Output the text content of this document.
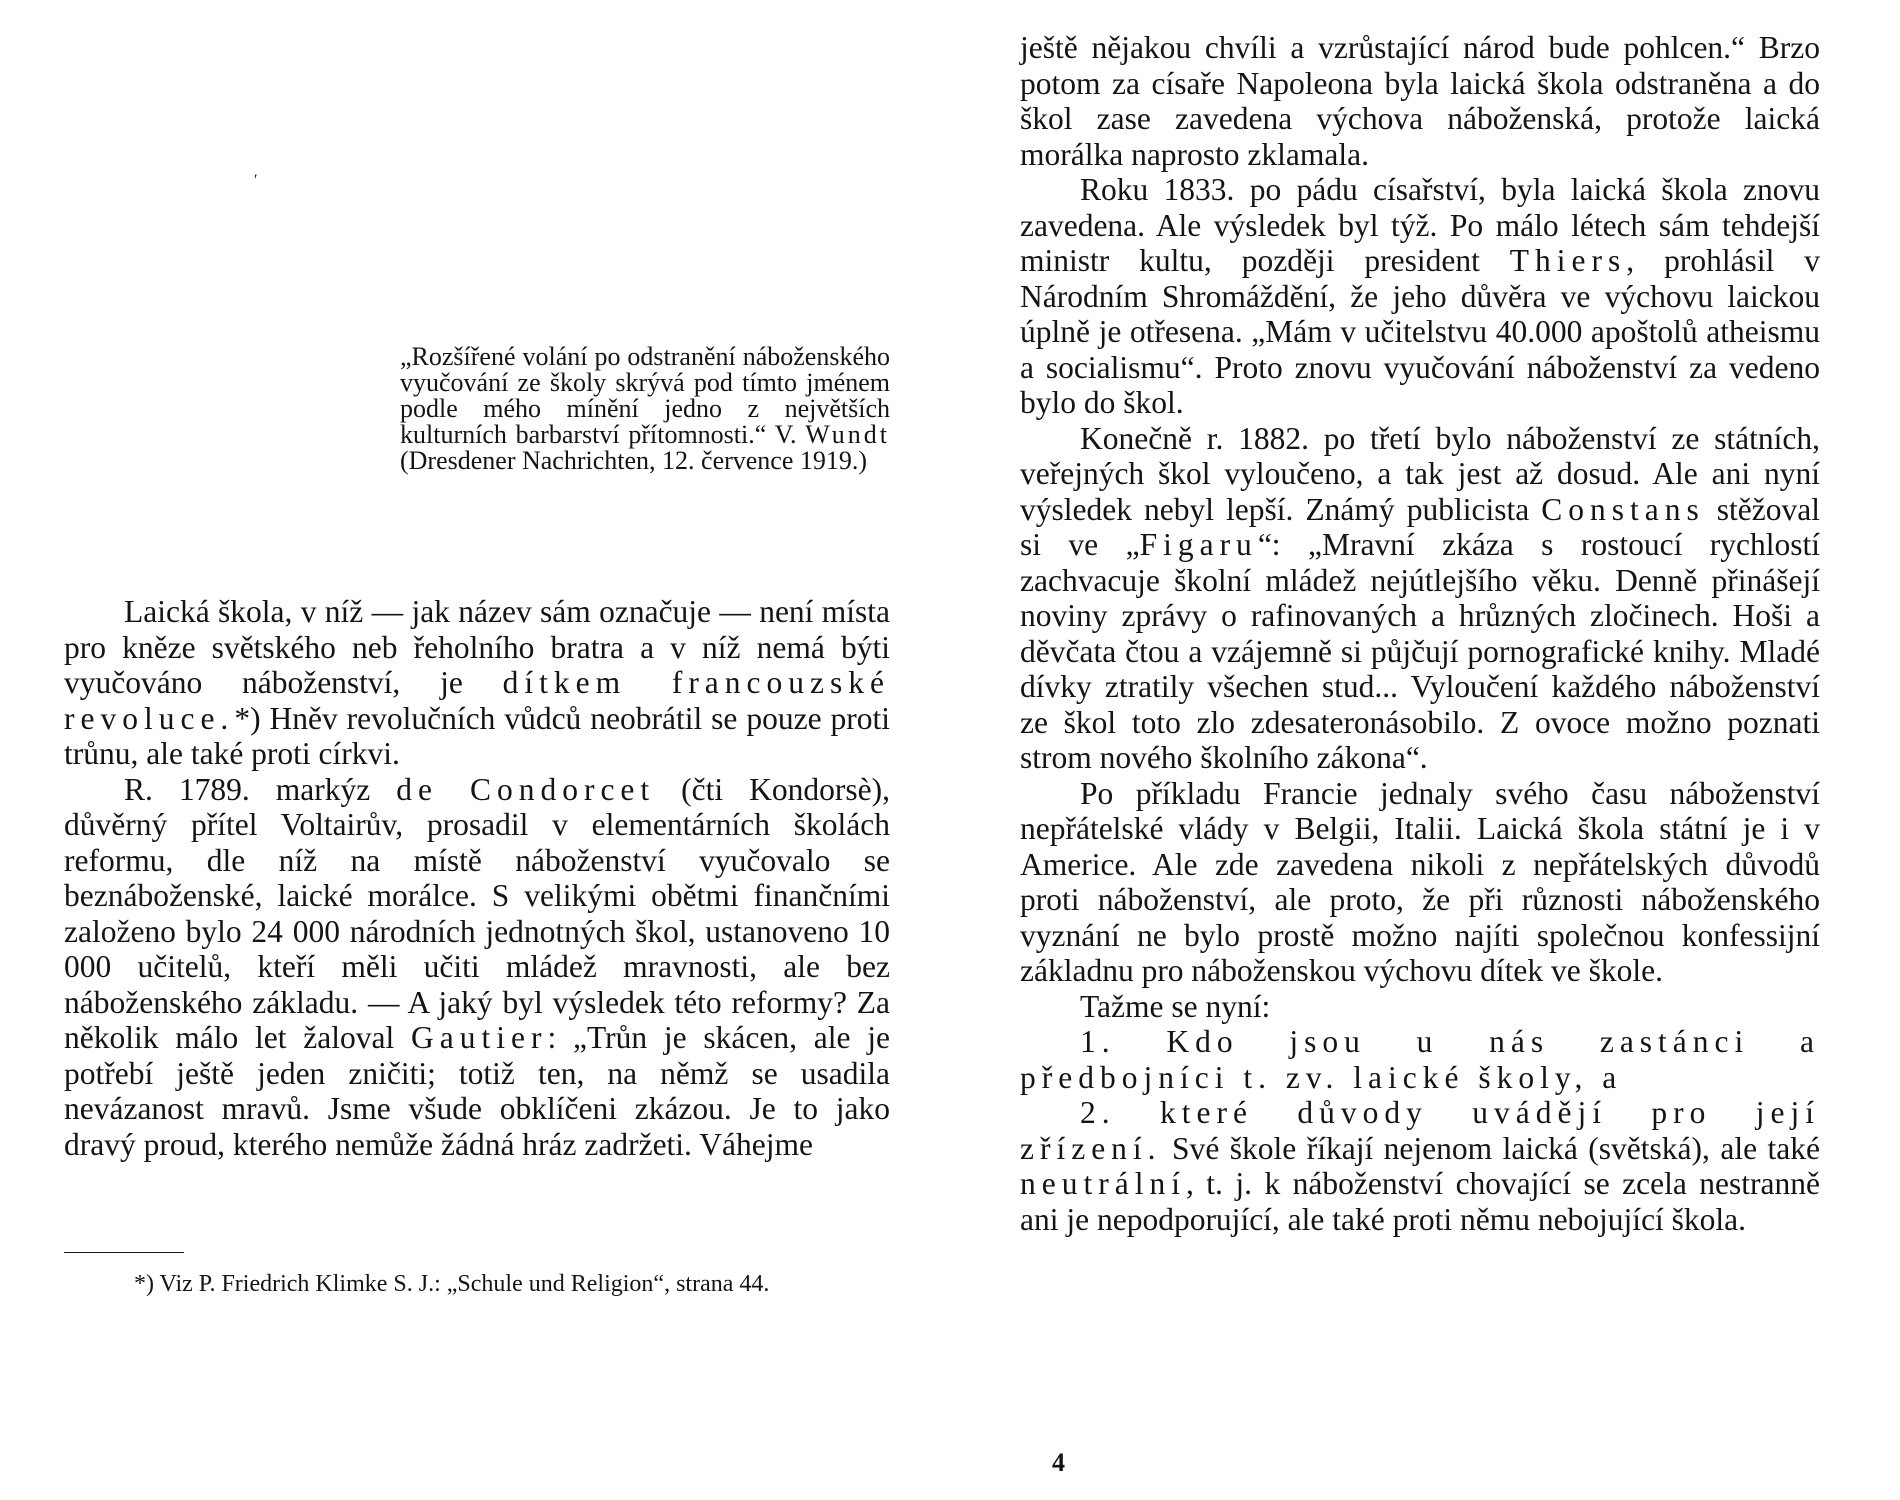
′

„Rozšířené volání po odstranění náboženského vyučování ze školy skrývá pod tímto jménem podle mého mínění jedno z největších kulturních barbarství přítomnosti.“ V. Wundt (Dresdener Nachrichten, 12. července 1919.)

Laická škola, v níž — jak název sám označuje — není místa pro kněze světského neb řeholního bratra a v níž nemá býti vyučováno náboženství, je dítkem francouzské revoluce.*) Hněv revolučních vůdců neobrátil se pouze proti trůnu, ale také proti církvi.

R. 1789. markýz de Condorcet (čti Kondorsè), důvěrný přítel Voltairův, prosadil v elementárních školách reformu, dle níž na místě náboženství vyučovalo se beznáboženské, laické morálce. S velikými obětmi finančními založeno bylo 24 000 národních jednotných škol, ustanoveno 10 000 učitelů, kteří měli učiti mládež mravnosti, ale bez náboženského základu. — A jaký byl výsledek této reformy? Za několik málo let žaloval Gautier: „Trůn je skácen, ale je potřebí ještě jeden zničiti; totiž ten, na němž se usadila nevázanost mravů. Jsme všude obklíčeni zkázou. Je to jako dravý proud, kterého nemůže žádná hráz zadržeti. Váhejme

*) Viz P. Friedrich Klimke S. J.: „Schule und Religion“, strana 44.

ještě nějakou chvíli a vzrůstající národ bude pohlcen.“ Brzo potom za císaře Napoleona byla laická škola odstraněna a do škol zase zavedena výchova náboženská, protože laická morálka naprosto zklamala.

Roku 1833. po pádu císařství, byla laická škola znovu zavedena. Ale výsledek byl týž. Po málo létech sám tehdejší ministr kultu, později president Thiers, prohlásil v Národním Shromáždění, že jeho důvěra ve výchovu laickou úplně je otřesena. „Mám v učitelstvu 40.000 apoštolů atheismu a socialismu“. Proto znovu vyučování náboženství za vedeno bylo do škol.

Konečně r. 1882. po třetí bylo náboženství ze státních, veřejných škol vyloučeno, a tak jest až dosud. Ale ani nyní výsledek nebyl lepší. Známý publicista Constans stěžoval si ve „Figaru“: „Mravní zkáza s rostoucí rychlostí zachvacuje školní mládež nejútlejšího věku. Denně přinášejí noviny zprávy o rafinovaných a hrůzných zločinech. Hoši a děvčata čtou a vzájemně si půjčují pornografické knihy. Mladé dívky ztratily všechen stud... Vyloučení každého náboženství ze škol toto zlo zdesateronásobilo. Z ovoce možno poznati strom nového školního zákona“.

Po příkladu Francie jednaly svého času náboženství nepřátelské vlády v Belgii, Italii. Laická škola státní je i v Americe. Ale zde zavedena nikoli z nepřátelských důvodů proti náboženství, ale proto, že při různosti náboženského vyznání ne bylo prostě možno najíti společnou konfessijní základnu pro náboženskou výchovu dítek ve škole.

Tažme se nyní:

1. Kdo jsou u nás zastánci a předbojníci t. zv. laické školy, a

2. které důvody uvádějí pro její zřízení. Své škole říkají nejenom laická (světská), ale také neutrální, t. j. k náboženství chovající se zcela nestranně ani je nepodporující, ale také proti němu nebojující škola.

4
